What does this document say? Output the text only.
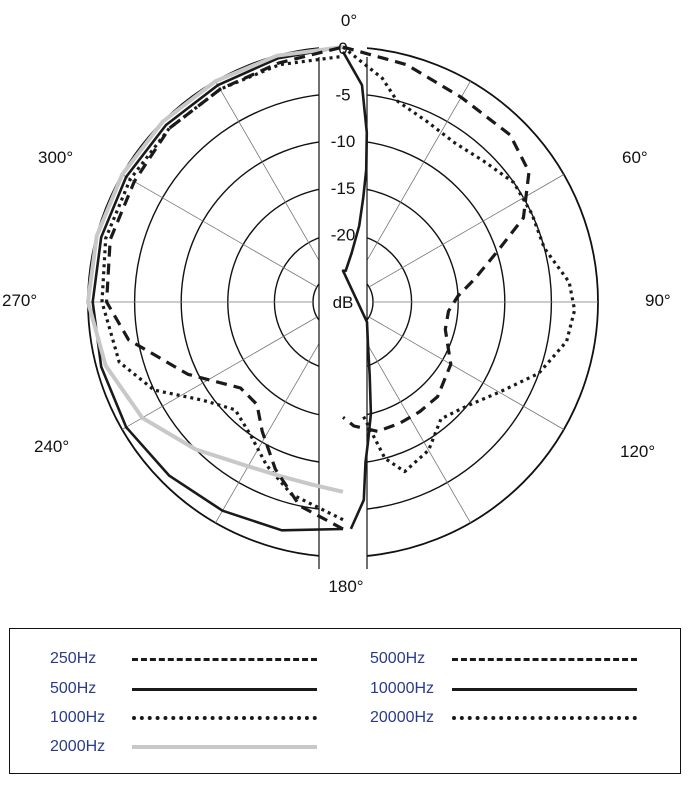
0
-5
-10
-15
-20
dB
0°
60°
90°
120°
180°
240°
270°
300°
250Hz
500Hz
1000Hz
2000Hz
5000Hz
10000Hz
20000Hz
